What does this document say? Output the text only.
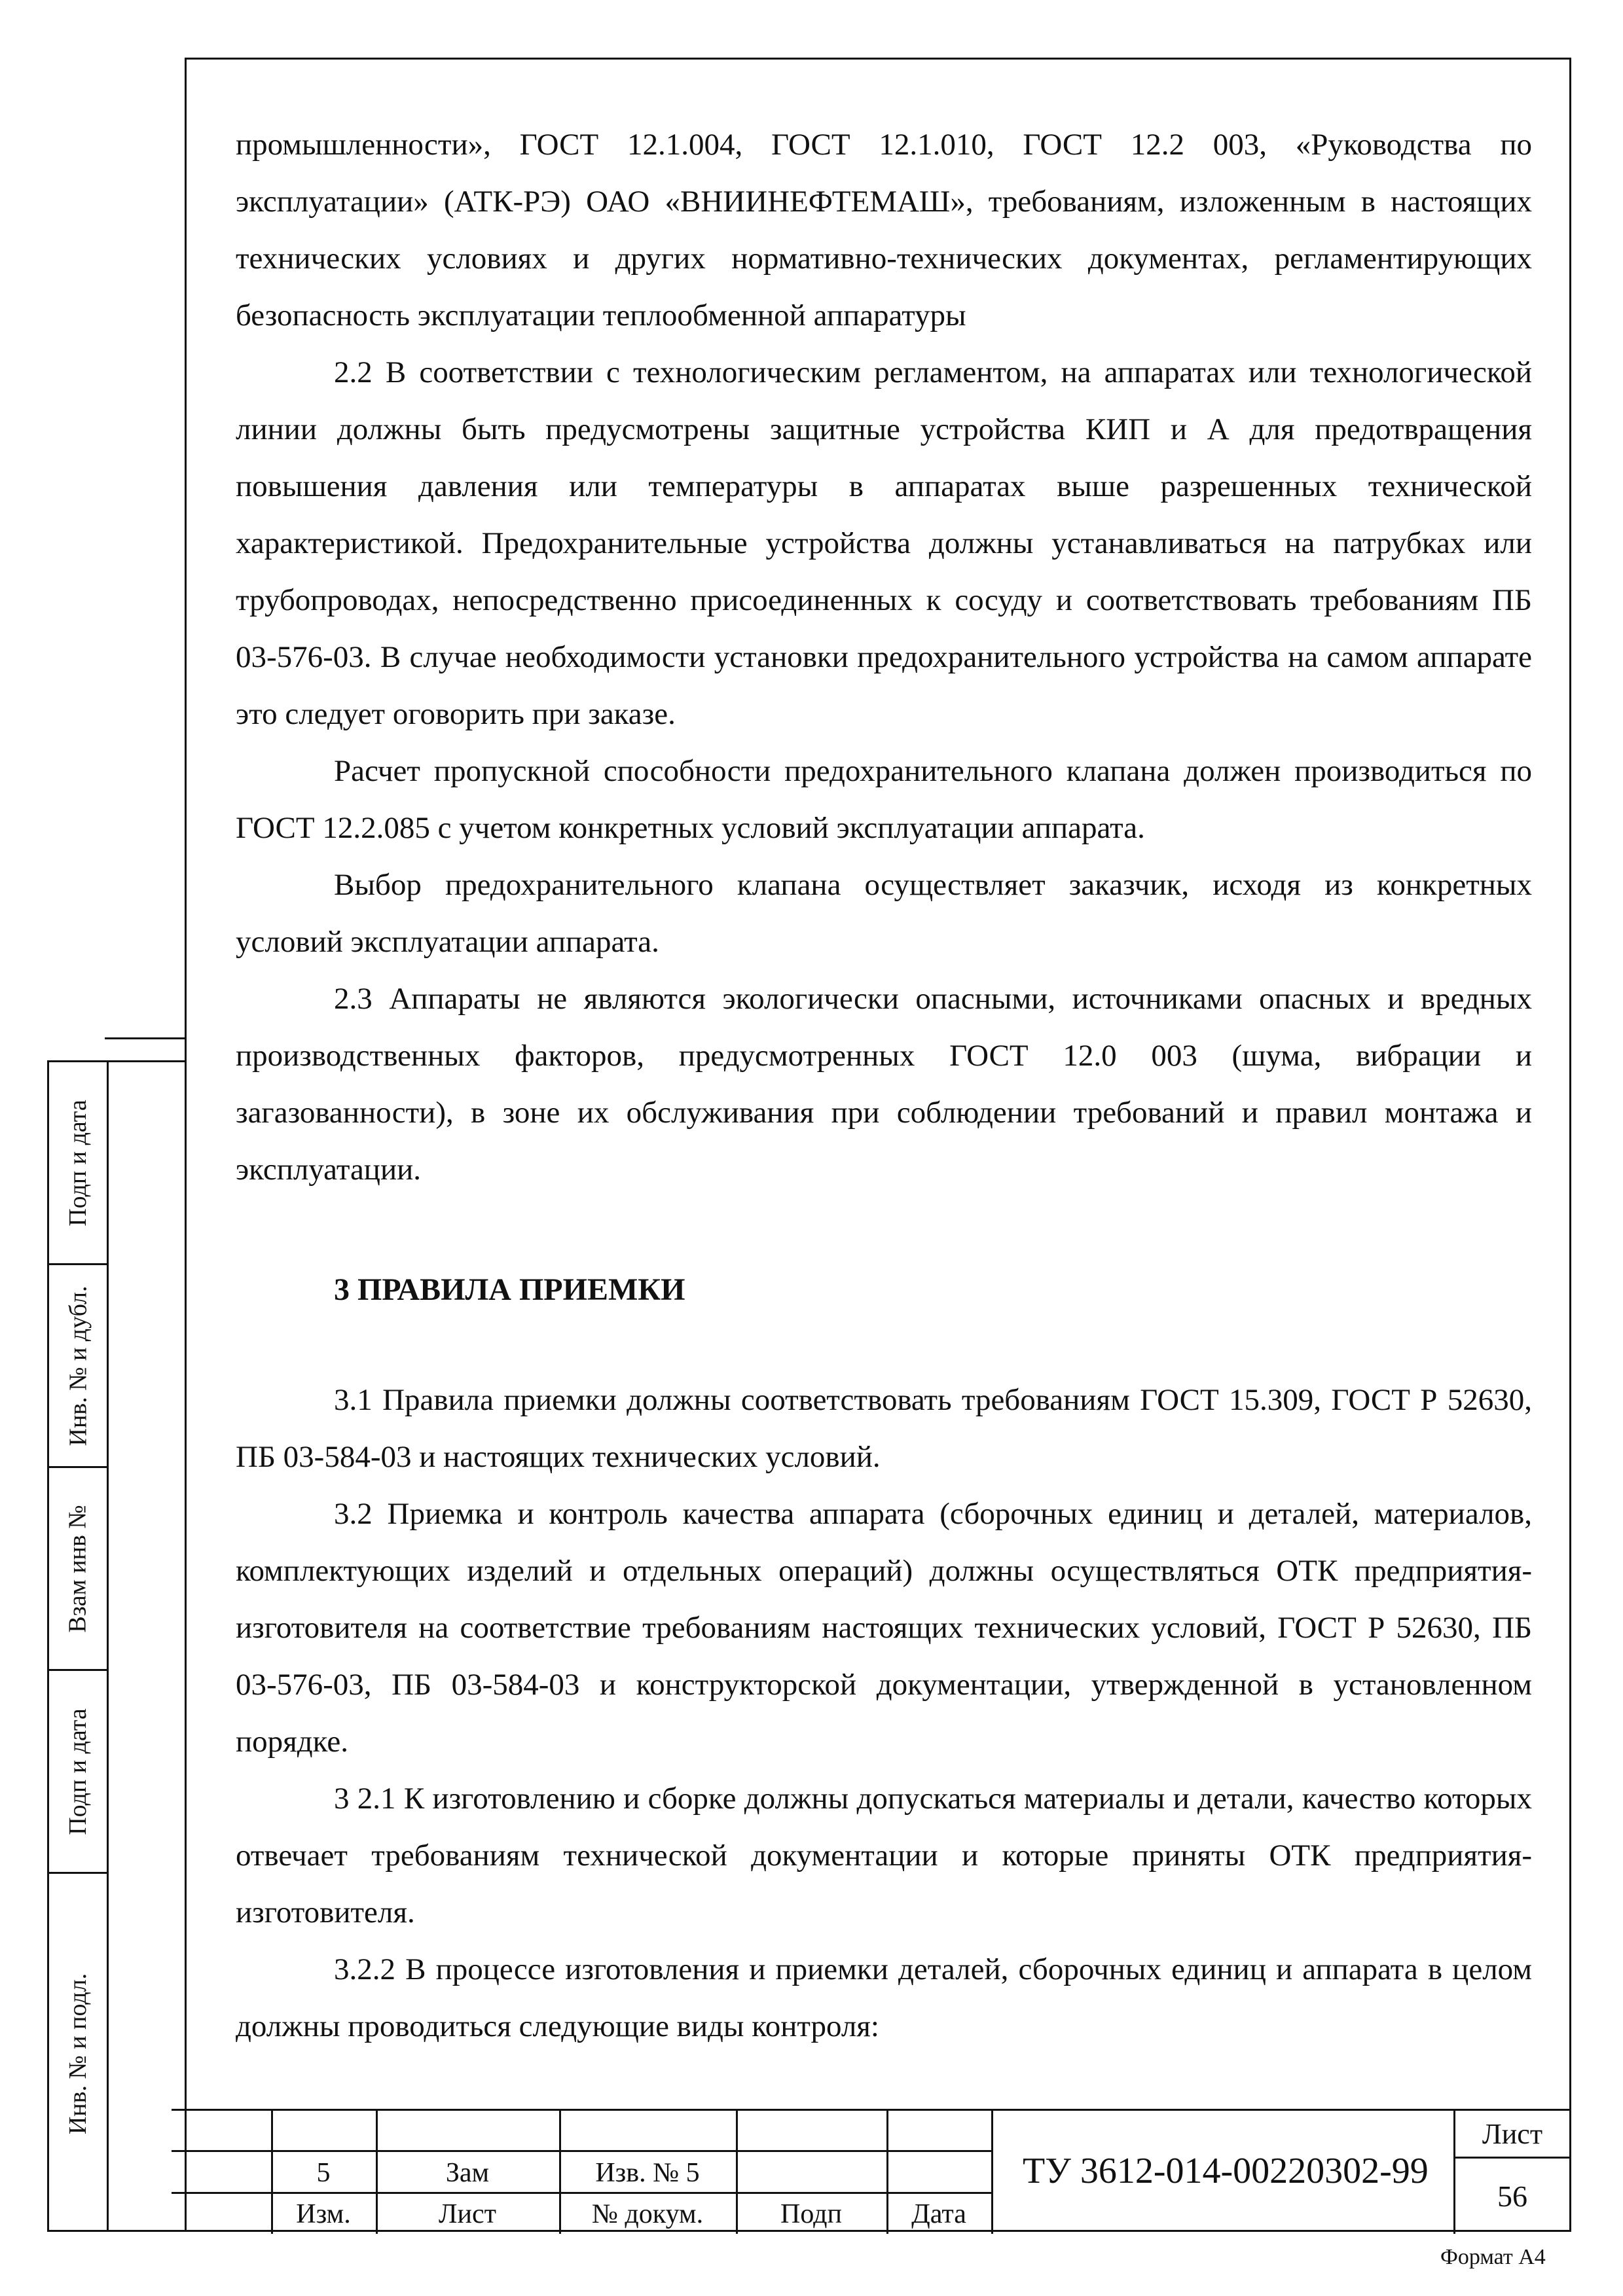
промышленности», ГОСТ 12.1.004, ГОСТ 12.1.010, ГОСТ 12.2 003, «Руководства по эксплуатации» (АТК-РЭ) ОАО «ВНИИНЕФТЕМАШ», требованиям, изложенным в настоящих технических условиях и других нормативно-технических документах, регламентирующих безопасность эксплуатации теплообменной аппаратуры

2.2 В соответствии с технологическим регламентом, на аппаратах или технологической линии должны быть предусмотрены защитные устройства КИП и А для предотвращения повышения давления или температуры в аппаратах выше разрешенных технической характеристикой. Предохранительные устройства должны устанавливаться на патрубках или трубопроводах, непосредственно присоединенных к сосуду и соответствовать требованиям ПБ 03-576-03. В случае необходимости установки предохранительного устройства на самом аппарате это следует оговорить при заказе.

Расчет пропускной способности предохранительного клапана должен производиться по ГОСТ 12.2.085 с учетом конкретных условий эксплуатации аппарата.

Выбор предохранительного клапана осуществляет заказчик, исходя из конкретных условий эксплуатации аппарата.

2.3 Аппараты не являются экологически опасными, источниками опасных и вредных производственных факторов, предусмотренных ГОСТ 12.0 003 (шума, вибрации и загазованности), в зоне их обслуживания при соблюдении требований и правил монтажа и эксплуатации.

3 ПРАВИЛА ПРИЕМКИ

3.1 Правила приемки должны соответствовать требованиям ГОСТ 15.309, ГОСТ Р 52630, ПБ 03-584-03 и настоящих технических условий.

3.2 Приемка и контроль качества аппарата (сборочных единиц и деталей, материалов, комплектующих изделий и отдельных операций) должны осуществляться ОТК предприятия-изготовителя на соответствие требованиям настоящих технических условий, ГОСТ Р 52630, ПБ 03-576-03, ПБ 03-584-03 и конструкторской документации, утвержденной в установленном порядке.

3 2.1 К изготовлению и сборке должны допускаться материалы и детали, качество которых отвечает требованиям технической документации и которые приняты ОТК предприятия-изготовителя.

3.2.2 В процессе изготовления и приемки деталей, сборочных единиц и аппарата в целом должны проводиться следующие виды контроля:

Подп и дата
Инв. № и дубл.
Взам инв №
Подп и дата
Инв. № и подл.
5	Зам	Изв. № 5
Изм.	Лист	№ докум.	Подп	Дата
ТУ 3612-014-00220302-99
Лист
56
Формат А4
